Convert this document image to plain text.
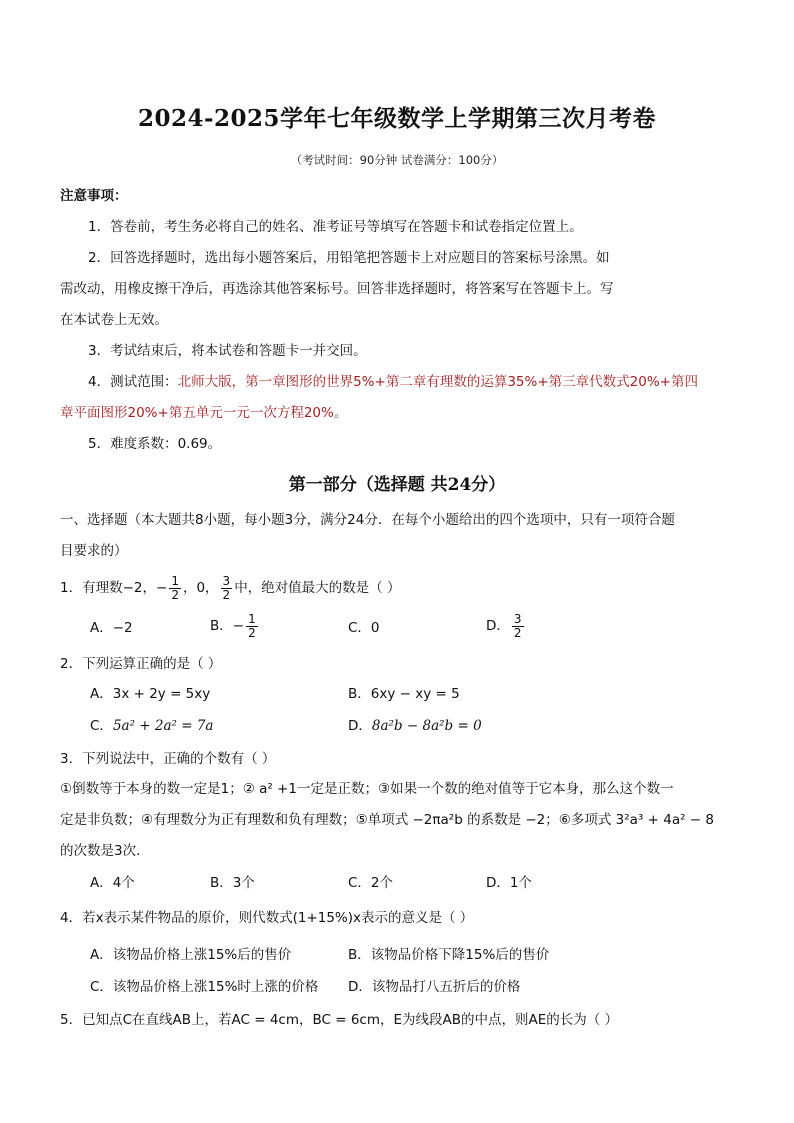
2024-2025学年七年级数学上学期第三次月考卷
（考试时间：90分钟 试卷满分：100分）
注意事项：
1．答卷前，考生务必将自己的姓名、准考证号等填写在答题卡和试卷指定位置上。
2．回答选择题时，选出每小题答案后，用铅笔把答题卡上对应题目的答案标号涂黑。如
需改动，用橡皮擦干净后，再选涂其他答案标号。回答非选择题时，将答案写在答题卡上。写
在本试卷上无效。
3．考试结束后，将本试卷和答题卡一并交回。
4．测试范围：北师大版，第一章图形的世界5%+第二章有理数的运算35%+第三章代数式20%+第四
章平面图形20%+第五单元一元一次方程20%。
5．难度系数：0.69。
第一部分（选择题 共24分）
一、选择题（本大题共8小题，每小题3分，满分24分．在每个小题给出的四个选项中，只有一项符合题
目要求的）
1．有理数−2，− $\frac{1}{2}$ ，0， $\frac{3}{2}$ 中，绝对值最大的数是（ ）
A．−2	B．− $\frac{1}{2}$	C．0	D． $\frac{3}{2}$
2．下列运算正确的是（ ）
A．3x + 2y = 5xy	B．6xy − xy = 5
C．5a² + 2a² = 7a	D．8a²b − 8a²b = 0
3．下列说法中，正确的个数有（ ）
①倒数等于本身的数一定是1；② a² +1一定是正数；③如果一个数的绝对值等于它本身，那么这个数一
定是非负数；④有理数分为正有理数和负有理数；⑤单项式 −2πa²b 的系数是 −2；⑥多项式 3²a³ + 4a² − 8
的次数是3次．
A．4个	B．3个	C．2个	D．1个
4．若x表示某件物品的原价，则代数式(1+15%)x表示的意义是（ ）
A．该物品价格上涨15%后的售价	B．该物品价格下降15%后的售价
C．该物品价格上涨15%时上涨的价格 D．该物品打八五折后的价格
5．已知点C在直线AB上，若AC = 4cm，BC = 6cm，E为线段AB的中点，则AE的长为（ ）
